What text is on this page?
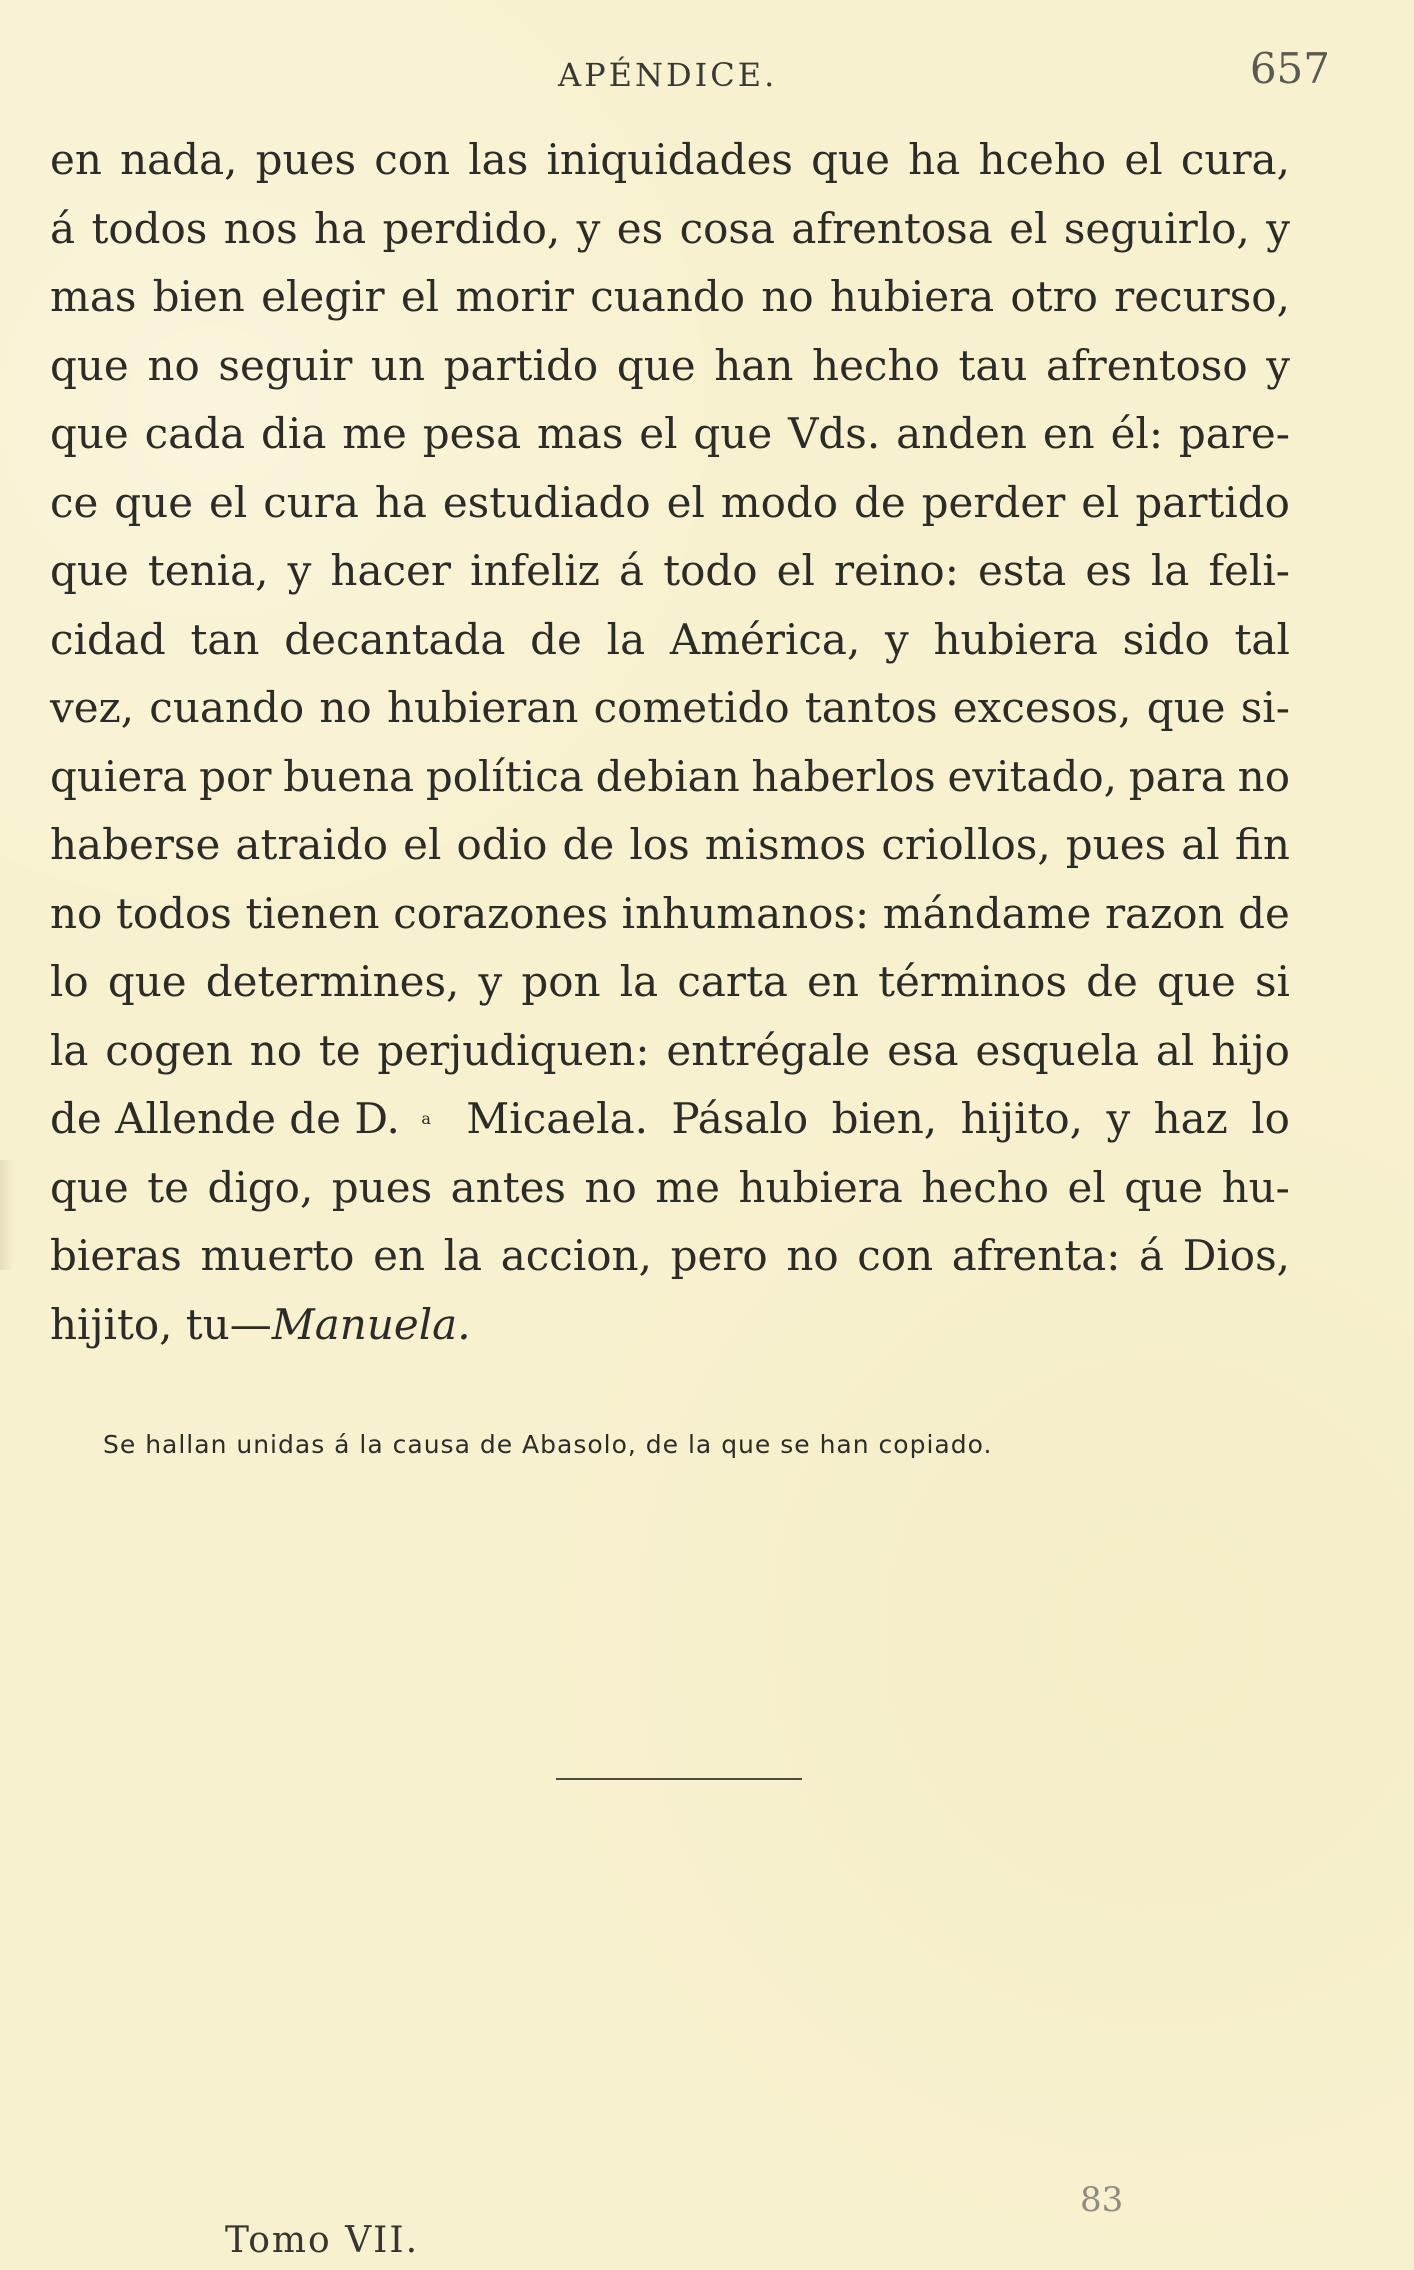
APÉNDICE.	657
en nada, pues con las iniquidades que ha hceho el cura,
á todos nos ha perdido, y es cosa afrentosa el seguirlo, y
mas bien elegir el morir cuando no hubiera otro recurso,
que no seguir un partido que han hecho tau afrentoso y
que cada dia me pesa mas el que Vds. anden en él: pare-
ce que el cura ha estudiado el modo de perder el partido
que tenia, y hacer infeliz á todo el reino: esta es la feli-
cidad tan decantada de la América, y hubiera sido tal
vez, cuando no hubieran cometido tantos excesos, que si-
quiera por buena política debian haberlos evitado, para no
haberse atraido el odio de los mismos criollos, pues al fin
no todos tienen corazones inhumanos: mándame razon de
lo que determines, y pon la carta en términos de que si
la cogen no te perjudiquen: entrégale esa esquela al hijo
de Allende de D. a Micaela. Pásalo bien, hijito, y haz lo
que te digo, pues antes no me hubiera hecho el que hu-
bieras muerto en la accion, pero no con afrenta: á Dios,
hijito, tu— Manuela.
Se hallan unidas á la causa de Abasolo, de la que se han copiado.
Tomo VII.
83
